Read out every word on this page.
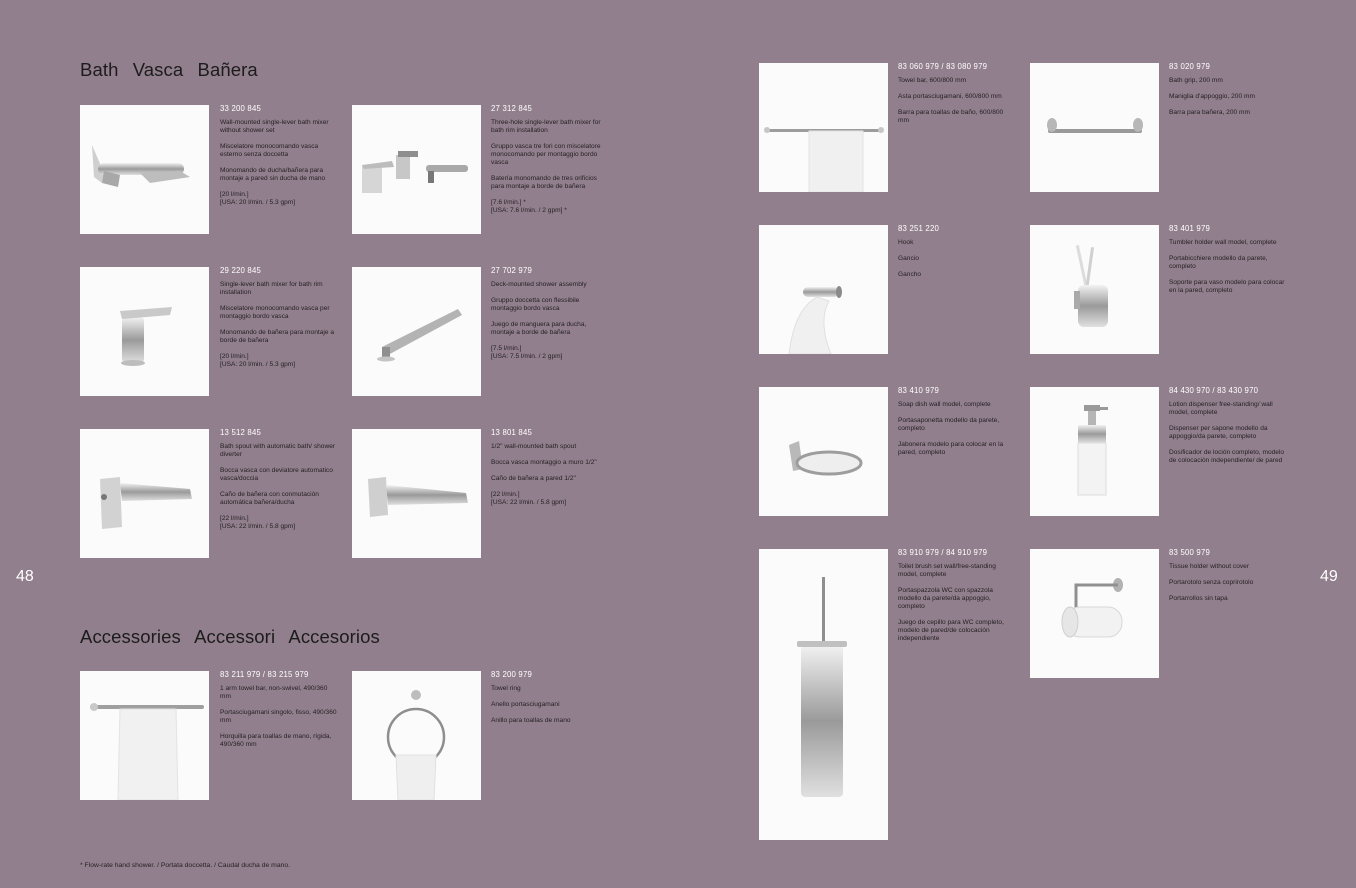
Bath Vasca Bañera
Accessories Accessori Accesorios
48	49
33 200 845

Wall-mounted single-lever bath mixer without shower set

Miscelatore monocomando vasca esterno senza doccetta

Monomando de ducha/bañera para montaje a pared sin ducha de mano

[20 l/min.]
[USA: 20 l/min. / 5.3 gpm]

27 312 845

Three-hole single-lever bath mixer for bath rim installation

Gruppo vasca tre fori con miscelatore monocomando per montaggio bordo vasca

Batería monomando de tres orificios para montaje a borde de bañera

[7.6 l/min.] *
[USA: 7.6 l/min. / 2 gpm] *

29 220 845

Single-lever bath mixer for bath rim installation

Miscelatore monocomando vasca per montaggio bordo vasca

Monomando de bañera para montaje a borde de bañera

[20 l/min.]
[USA: 20 l/min. / 5.3 gpm]

27 702 979

Deck-mounted shower assembly

Gruppo doccetta con flessibile montaggio bordo vasca

Juego de manguera para ducha, montaje a borde de bañera

[7.5 l/min.]
[USA: 7.5 l/min. / 2 gpm]

13 512 845

Bath spout with automatic bath/ shower diverter

Bocca vasca con deviatore automatico vasca/doccia

Caño de bañera con conmutación automática bañera/ducha

[22 l/min.]
[USA: 22 l/min. / 5.8 gpm]

13 801 845

1/2" wall-mounted bath spout

Bocca vasca montaggio a muro 1/2"

Caño de bañera a pared 1/2"

[22 l/min.]
[USA: 22 l/min. / 5.8 gpm]

83 211 979 / 83 215 979

1 arm towel bar, non-swivel, 490/360 mm

Portasciugamani singolo, fisso, 490/360 mm

Horquilla para toallas de mano, rígida, 490/360 mm

83 200 979

Towel ring

Anello portasciugamani

Anillo para toallas de mano

83 060 979 / 83 080 979

Towel bar, 600/800 mm

Asta portasciugamani, 600/800 mm

Barra para toallas de baño, 600/800 mm

83 020 979

Bath grip, 200 mm

Maniglia d'appoggio, 200 mm

Barra para bañera, 200 mm

83 251 220

Hook

Gancio

Gancho

83 401 979

Tumbler holder wall model, complete

Portabicchiere modello da parete, completo

Soporte para vaso modelo para colocar en la pared, completo

83 410 979

Soap dish wall model, complete

Portasaponetta modello da parete, completo

Jabonera modelo para colocar en la pared, completo

84 430 970 / 83 430 970

Lotion dispenser free-standing/ wall model, complete

Dispenser per sapone modello da appoggio/da parete, completo

Dosificador de loción completo, modelo de colocación independiente/ de pared

83 910 979 / 84 910 979

Toilet brush set wall/free-standing model, complete

Portaspazzola WC con spazzola modello da parete/da appoggio, completo

Juego de cepillo para WC completo, modelo de pared/de colocación independiente

83 500 979

Tissue holder without cover

Portarotolo senza coprirotolo

Portarrollos sin tapa

* Flow-rate hand shower. / Portata doccetta. / Caudal ducha de mano.
